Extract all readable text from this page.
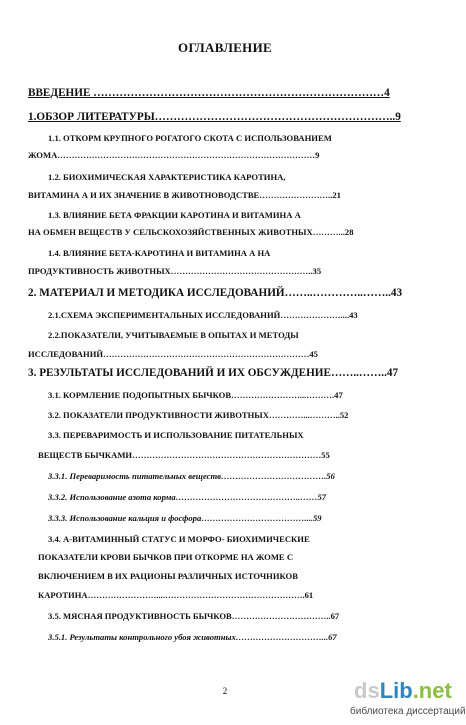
ОГЛАВЛЕНИЕ
ВВЕДЕНИЕ ……………………………………………………………………4
1.ОБЗОР ЛИТЕРАТУРЫ………………………………………………………..9
1.1. ОТКОРМ КРУПНОГО РОГАТОГО СКОТА С ИСПОЛЬЗОВАНИЕМ
ЖОМА………………………………………………………………………………9
1.2. БИОХИМИЧЕСКАЯ ХАРАКТЕРИСТИКА КАРОТИНА,
ВИТАМИНА А И ИХ ЗНАЧЕНИЕ В ЖИВОТНОВОДСТВЕ……………………..21
1.3. ВЛИЯНИЕ БЕТА ФРАКЦИИ КАРОТИНА И ВИТАМИНА А
НА ОБМЕН ВЕЩЕСТВ У СЕЛЬСКОХОЗЯЙСТВЕННЫХ ЖИВОТНЫХ………...28
1.4. ВЛИЯНИЕ БЕТА-КАРОТИНА И ВИТАМИНА А НА
ПРОДУКТИВНОСТЬ ЖИВОТНЫХ…………………………………………..35
2. МАТЕРИАЛ И МЕТОДИКА ИССЛЕДОВАНИЙ……..…………..……..43
2.1.СХЕМА ЭКСПЕРИМЕНТАЛЬНЫХ ИССЛЕДОВАНИЙ…………………....43
2.2.ПОКАЗАТЕЛИ, УЧИТЫВАЕМЫЕ В ОПЫТАХ И МЕТОДЫ
ИССЛЕДОВАНИЙ………………………………………………………………45
3. РЕЗУЛЬТАТЫ ИССЛЕДОВАНИЙ И ИХ ОБСУЖДЕНИЕ……..……..47
3.1. КОРМЛЕНИЕ ПОДОПЫТНЫХ БЫЧКОВ……………………...……….47
3.2. ПОКАЗАТЕЛИ ПРОДУКТИВНОСТИ ЖИВОТНЫХ…………...………..52
3.3. ПЕРЕВАРИМОСТЬ И ИСПОЛЬЗОВАНИЕ ПИТАТЕЛЬНЫХ
ВЕЩЕСТВ БЫЧКАМИ…………………………………………………………55
3.3.1. Переваримость питательных веществ……………………………….56
3.3.2. Использование азота корма……………………………………..……57
3.3.3. Использование кальция и фосфора………………………………....59
3.4. А-ВИТАМИННЫЙ СТАТУС И МОРФО- БИОХИМИЧЕСКИЕ
ПОКАЗАТЕЛИ КРОВИ БЫЧКОВ ПРИ ОТКОРМЕ НА ЖОМЕ С
ВКЛЮЧЕНИЕМ В ИХ РАЦИОНЫ РАЗЛИЧНЫХ ИСТОЧНИКОВ
КАРОТИНА……………………....………………………………………….61
3.5. МЯСНАЯ ПРОДУКТИВНОСТЬ БЫЧКОВ……………………………..67
3.5.1. Результаты контрольного убоя животных…………………………...67
2	dsLib.net
библиотека диссертаций
